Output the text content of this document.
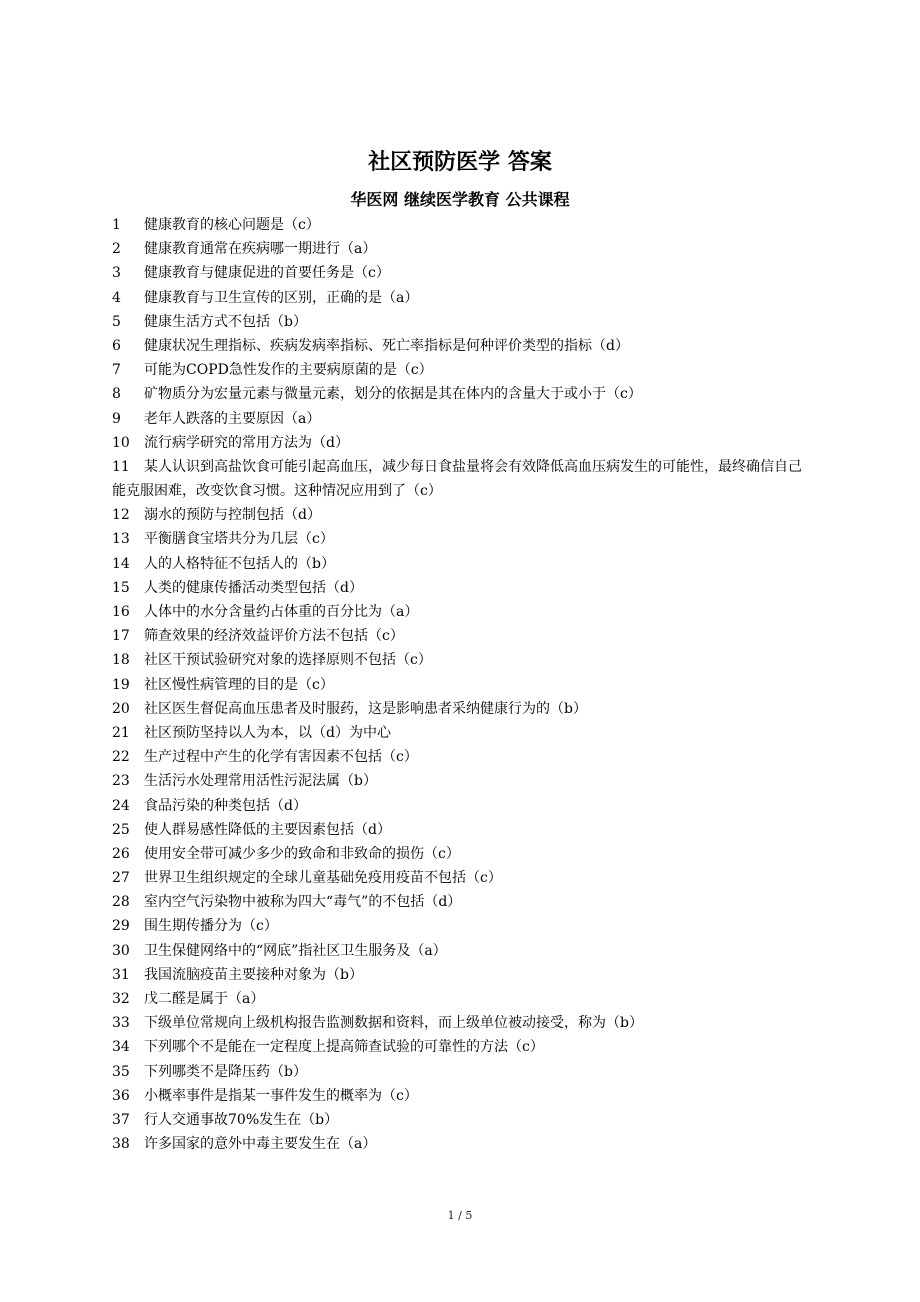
社区预防医学 答案
华医网 继续医学教育 公共课程
1 健康教育的核心问题是（c）
2 健康教育通常在疾病哪一期进行（a）
3 健康教育与健康促进的首要任务是（c）
4 健康教育与卫生宣传的区别，正确的是（a）
5 健康生活方式不包括（b）
6 健康状况生理指标、疾病发病率指标、死亡率指标是何种评价类型的指标（d）
7 可能为COPD急性发作的主要病原菌的是（c）
8 矿物质分为宏量元素与微量元素，划分的依据是其在体内的含量大于或小于（c）
9 老年人跌落的主要原因（a）
10 流行病学研究的常用方法为（d）
11 某人认识到高盐饮食可能引起高血压，减少每日食盐量将会有效降低高血压病发生的可能性，最终确信自己能克服困难，改变饮食习惯。这种情况应用到了（c）
12 溺水的预防与控制包括（d）
13 平衡膳食宝塔共分为几层（c）
14 人的人格特征不包括人的（b）
15 人类的健康传播活动类型包括（d）
16 人体中的水分含量约占体重的百分比为（a）
17 筛查效果的经济效益评价方法不包括（c）
18 社区干预试验研究对象的选择原则不包括（c）
19 社区慢性病管理的目的是（c）
20 社区医生督促高血压患者及时服药，这是影响患者采纳健康行为的（b）
21 社区预防坚持以人为本，以（d）为中心
22 生产过程中产生的化学有害因素不包括（c）
23 生活污水处理常用活性污泥法属（b）
24 食品污染的种类包括（d）
25 使人群易感性降低的主要因素包括（d）
26 使用安全带可减少多少的致命和非致命的损伤（c）
27 世界卫生组织规定的全球儿童基础免疫用疫苗不包括（c）
28 室内空气污染物中被称为四大“毒气”的不包括（d）
29 围生期传播分为（c）
30 卫生保健网络中的“网底”指社区卫生服务及（a）
31 我国流脑疫苗主要接种对象为（b）
32 戊二醛是属于（a）
33 下级单位常规向上级机构报告监测数据和资料，而上级单位被动接受，称为（b）
34 下列哪个不是能在一定程度上提高筛查试验的可靠性的方法（c）
35 下列哪类不是降压药（b）
36 小概率事件是指某一事件发生的概率为（c）
37 行人交通事故70%发生在（b）
38 许多国家的意外中毒主要发生在（a）
1 / 5
